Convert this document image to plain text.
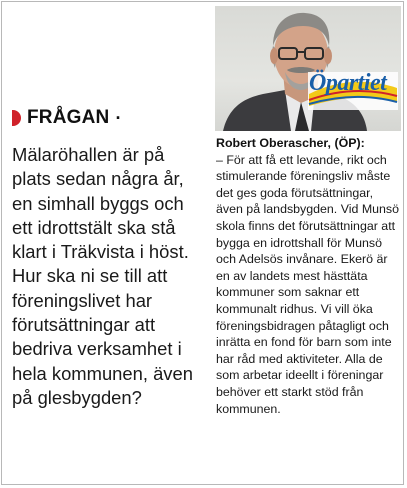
Öpartiet
FRÅGAN ·

Mälaröhallen är på plats sedan några år, en simhall byggs och ett idrottstält ska stå klart i Träkvista i höst. Hur ska ni se till att föreningslivet har förutsättningar att bedriva verksamhet i hela kommunen, även på glesbygden?

Robert Oberascher, (ÖP):

– För att få ett levande, rikt och stimulerande föreningsliv måste det ges goda förutsättningar, även på landsbygden. Vid Munsö skola finns det förutsättningar att bygga en idrottshall för Munsö och Adelsös invånare. Ekerö är en av landets mest hästtäta kommuner som saknar ett kommunalt ridhus. Vi vill öka föreningsbidragen påtagligt och inrätta en fond för barn som inte har råd med aktiviteter. Alla de som arbetar ideellt i föreningar behöver ett starkt stöd från kommunen.
